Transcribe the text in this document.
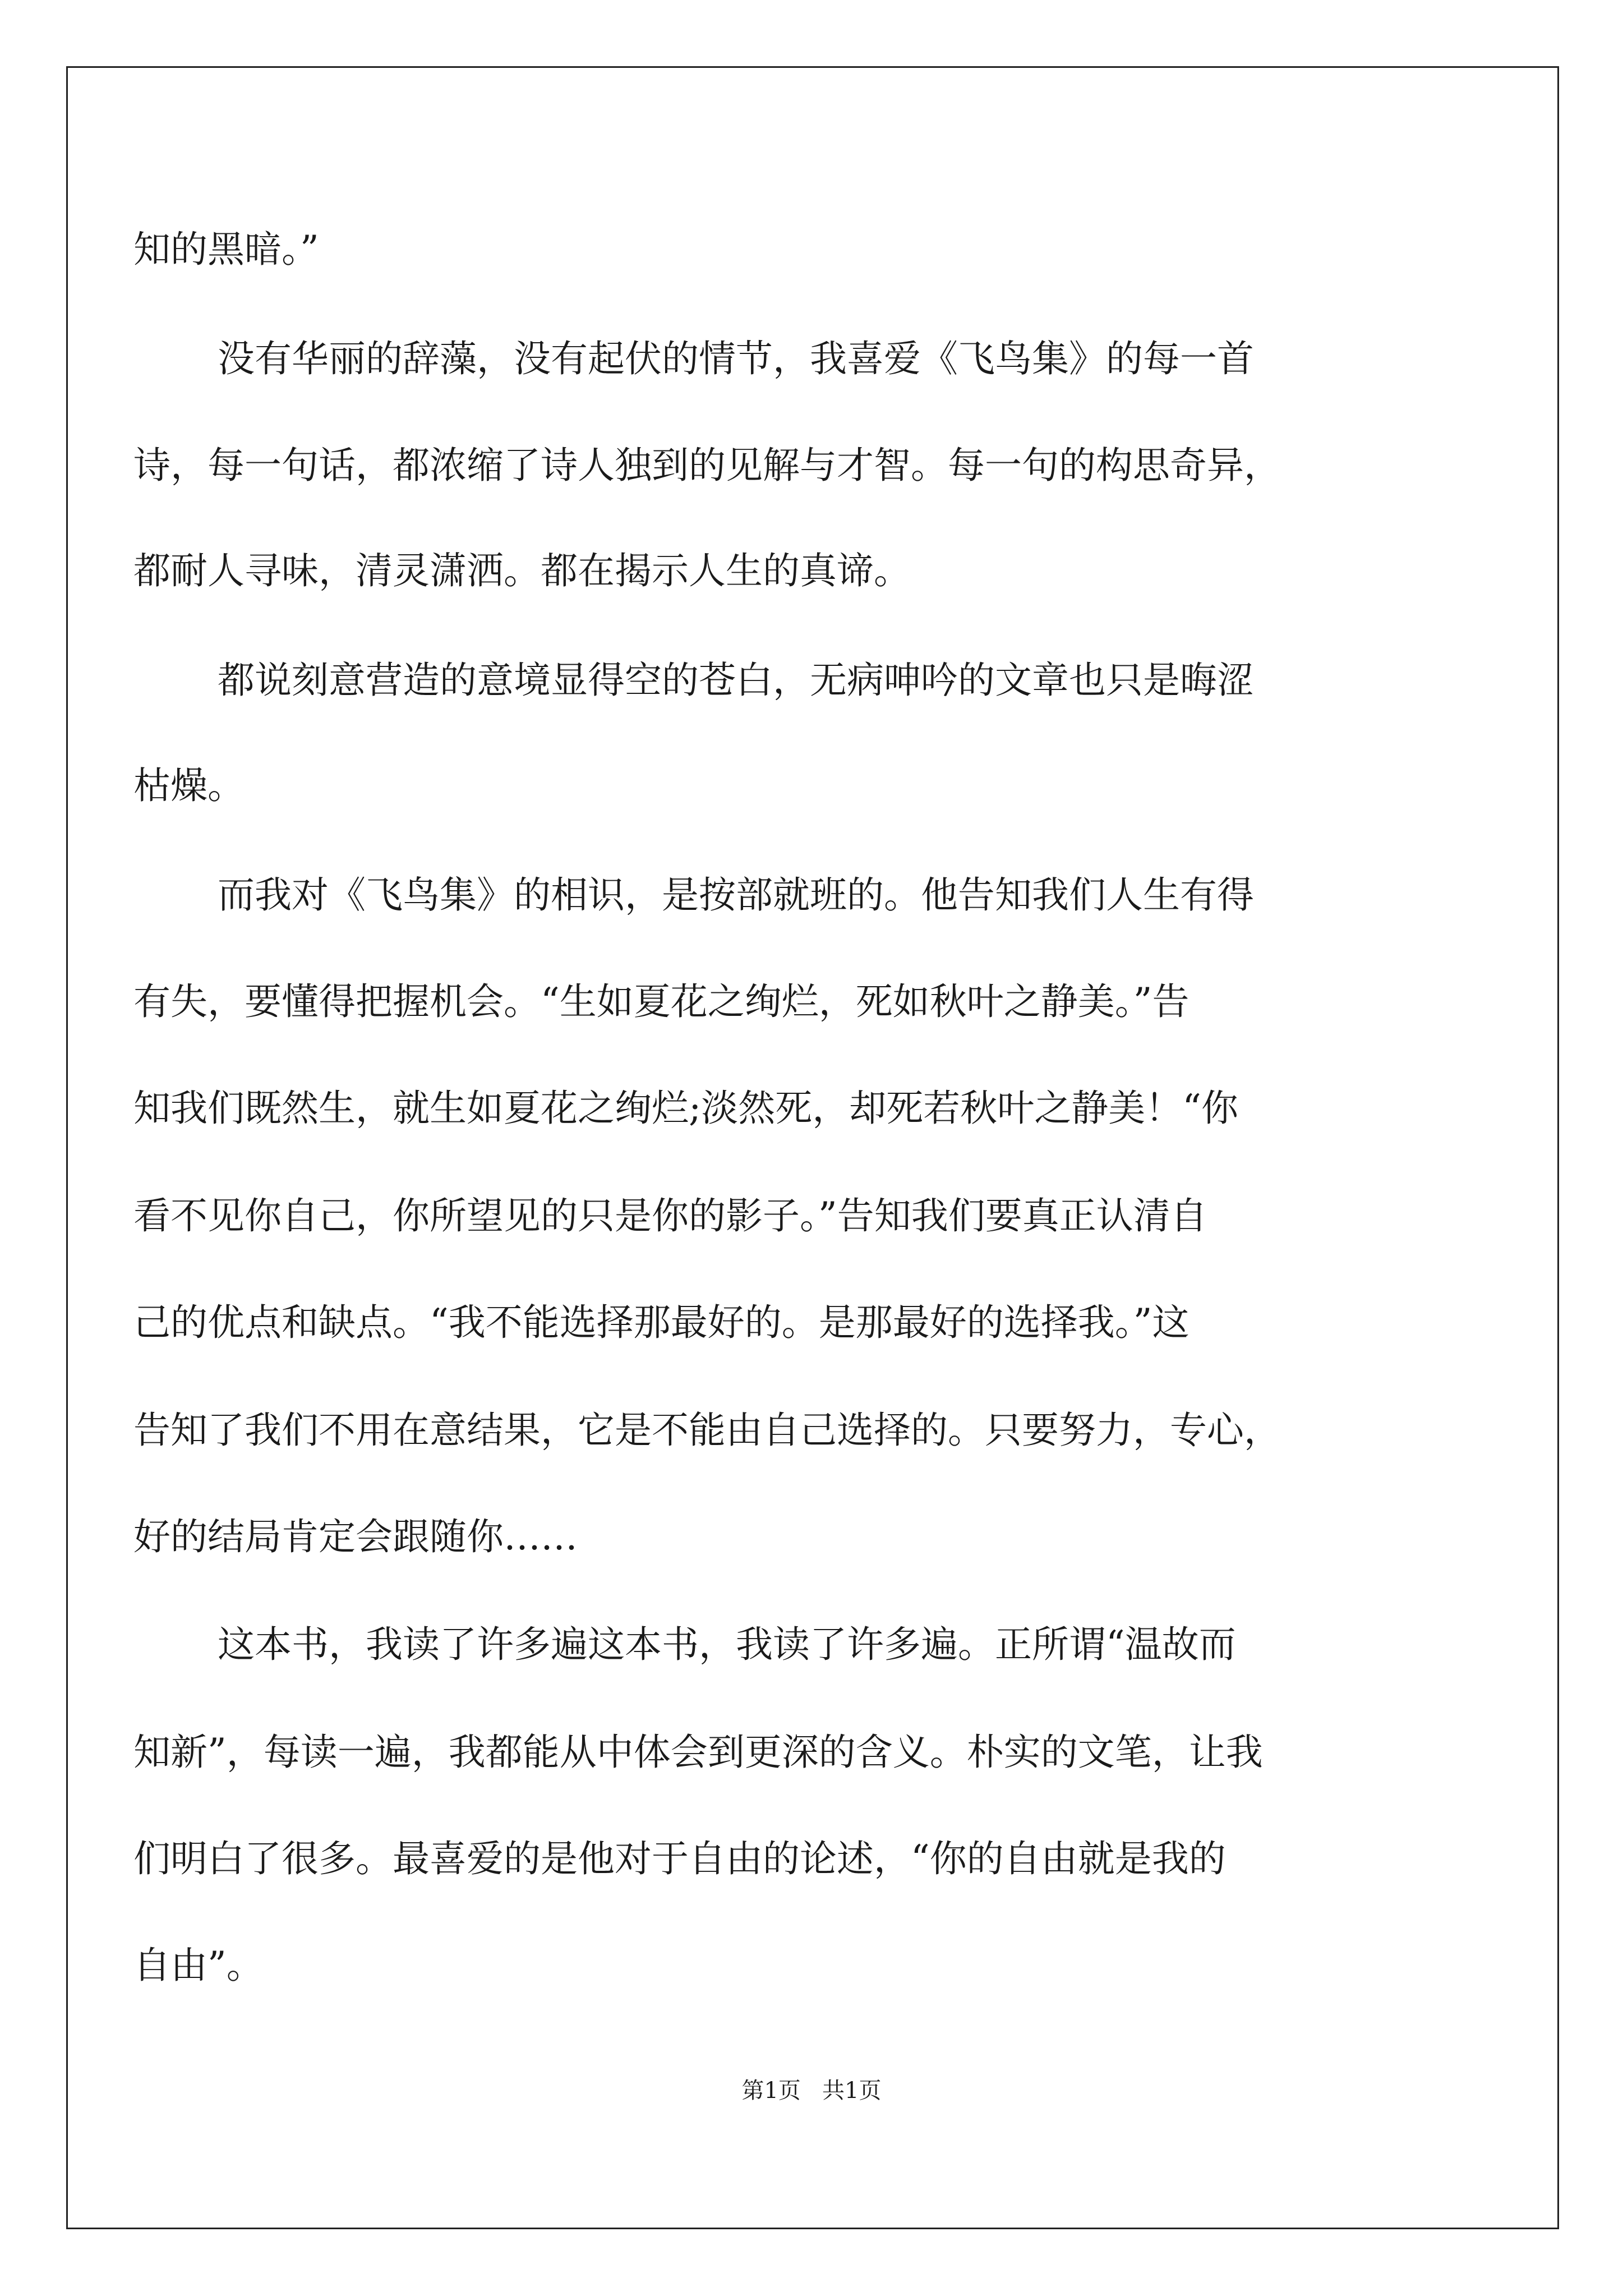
知的黑暗。”
没有华丽的辞藻，没有起伏的情节，我喜爱《飞鸟集》的每一首
诗，每一句话，都浓缩了诗人独到的见解与才智。每一句的构思奇异，
都耐人寻味，清灵潇洒。都在揭示人生的真谛。
都说刻意营造的意境显得空的苍白，无病呻吟的文章也只是晦涩
枯燥。
而我对《飞鸟集》的相识，是按部就班的。他告知我们人生有得
有失，要懂得把握机会。“生如夏花之绚烂，死如秋叶之静美。”告
知我们既然生，就生如夏花之绚烂;淡然死，却死若秋叶之静美！“你
看不见你自己，你所望见的只是你的影子。”告知我们要真正认清自
己的优点和缺点。“我不能选择那最好的。是那最好的选择我。”这
告知了我们不用在意结果，它是不能由自己选择的。只要努力，专心，
好的结局肯定会跟随你……
这本书，我读了许多遍这本书，我读了许多遍。正所谓“温故而
知新”，每读一遍，我都能从中体会到更深的含义。朴实的文笔，让我
们明白了很多。最喜爱的是他对于自由的论述，“你的自由就是我的
自由”。
第1页   共1页
